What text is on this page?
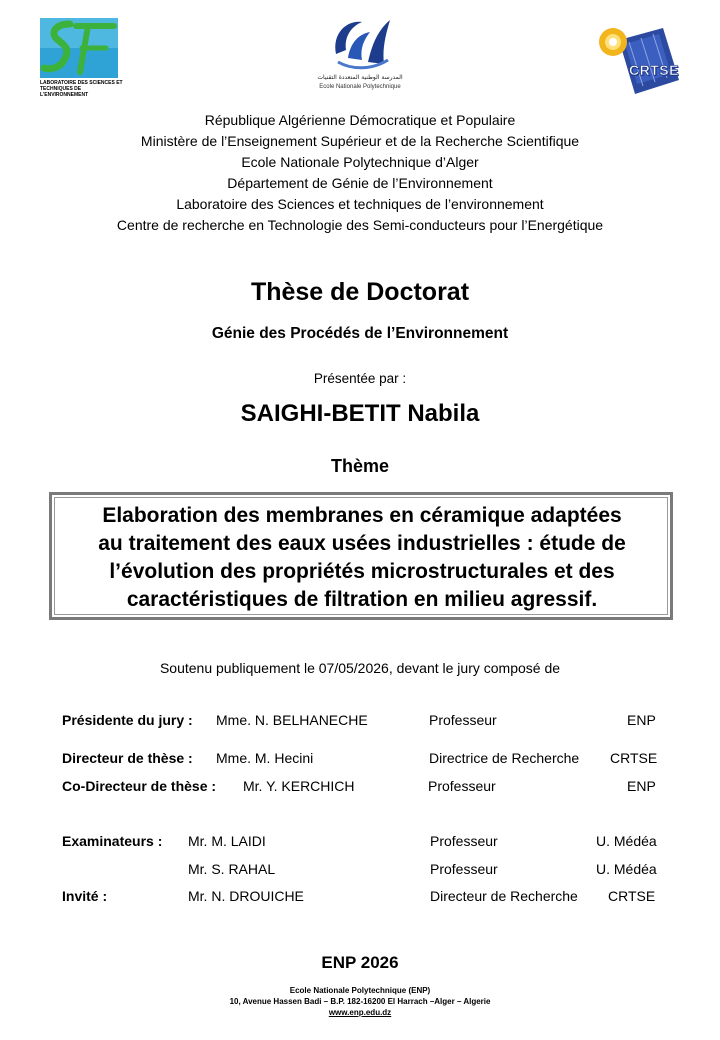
LABORATOIRE DES SCIENCES ET
TECHNIQUES DE L'ENVIRONNEMENT
المدرسة الوطنية المتعددة التقنيات
Ecole Nationale Polytechnique
CRTSE
République Algérienne Démocratique et Populaire
Ministère de l’Enseignement Supérieur et de la Recherche Scientifique
Ecole Nationale Polytechnique d’Alger
Département de Génie de l’Environnement
Laboratoire des Sciences et techniques de l’environnement
Centre de recherche en Technologie des Semi-conducteurs pour l’Energétique
Thèse de Doctorat
Génie des Procédés de l’Environnement
Présentée par :
SAIGHI-BETIT Nabila
Thème
Elaboration des membranes en céramique adaptées
au traitement des eaux usées industrielles : étude de
l’évolution des propriétés microstructurales et des
caractéristiques de filtration en milieu agressif.
Soutenu publiquement le 07/05/2026, devant le jury composé de
Présidente du jury : Mme. N. BELHANECHE	Professeur	ENP
Directeur de thèse : Mme. M. Hecini	Directrice de Recherche CRTSE
Co-Directeur de thèse : Mr. Y. KERCHICH	Professeur	ENP
Examinateurs : Mr. M. LAIDI	Professeur	U. Médéa
Mr. S. RAHAL	Professeur	U. Médéa
Invité :	Mr. N. DROUICHE	Directeur de Recherche CRTSE
ENP 2026
Ecole Nationale Polytechnique (ENP)
10, Avenue Hassen Badi – B.P. 182-16200 El Harrach –Alger – Algerie
www.enp.edu.dz
